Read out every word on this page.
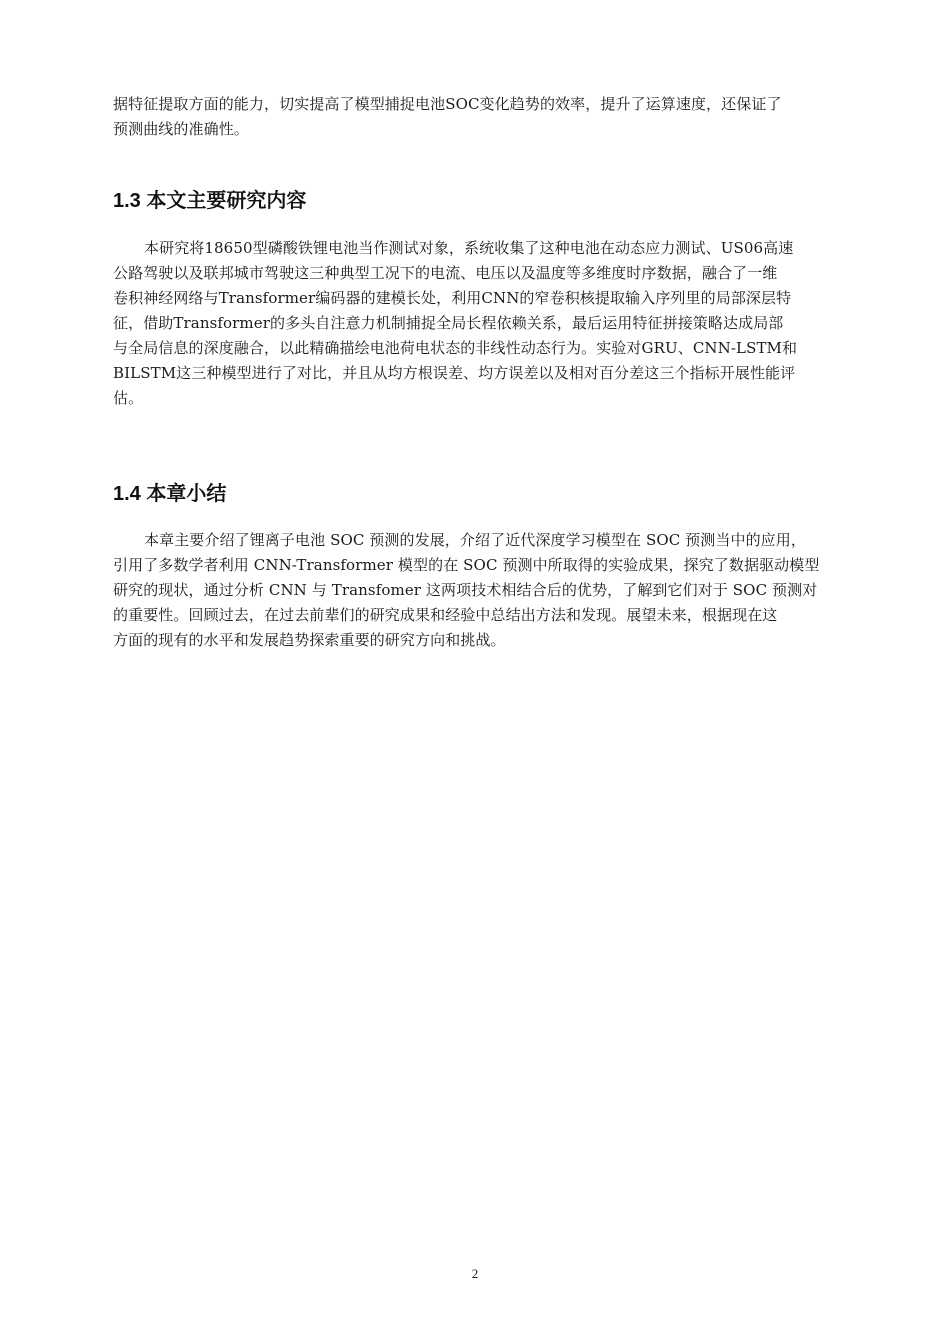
据特征提取方面的能力，切实提高了模型捕捉电池SOC变化趋势的效率，提升了运算速度，还保证了
预测曲线的准确性。
1.3 本文主要研究内容
本研究将18650型磷酸铁锂电池当作测试对象，系统收集了这种电池在动态应力测试、US06高速
公路驾驶以及联邦城市驾驶这三种典型工况下的电流、电压以及温度等多维度时序数据，融合了一维
卷积神经网络与Transformer编码器的建模长处，利用CNN的窄卷积核提取输入序列里的局部深层特
征，借助Transformer的多头自注意力机制捕捉全局长程依赖关系，最后运用特征拼接策略达成局部
与全局信息的深度融合，以此精确描绘电池荷电状态的非线性动态行为。实验对GRU、CNN-LSTM和
BILSTM这三种模型进行了对比，并且从均方根误差、均方误差以及相对百分差这三个指标开展性能评
估。
1.4 本章小结
本章主要介绍了锂离子电池 SOC 预测的发展，介绍了近代深度学习模型在 SOC 预测当中的应用，
引用了多数学者利用 CNN-Transformer 模型的在 SOC 预测中所取得的实验成果，探究了数据驱动模型
研究的现状，通过分析 CNN 与 Transfomer 这两项技术相结合后的优势，了解到它们对于 SOC 预测对
的重要性。回顾过去，在过去前辈们的研究成果和经验中总结出方法和发现。展望未来，根据现在这
方面的现有的水平和发展趋势探索重要的研究方向和挑战。
2
